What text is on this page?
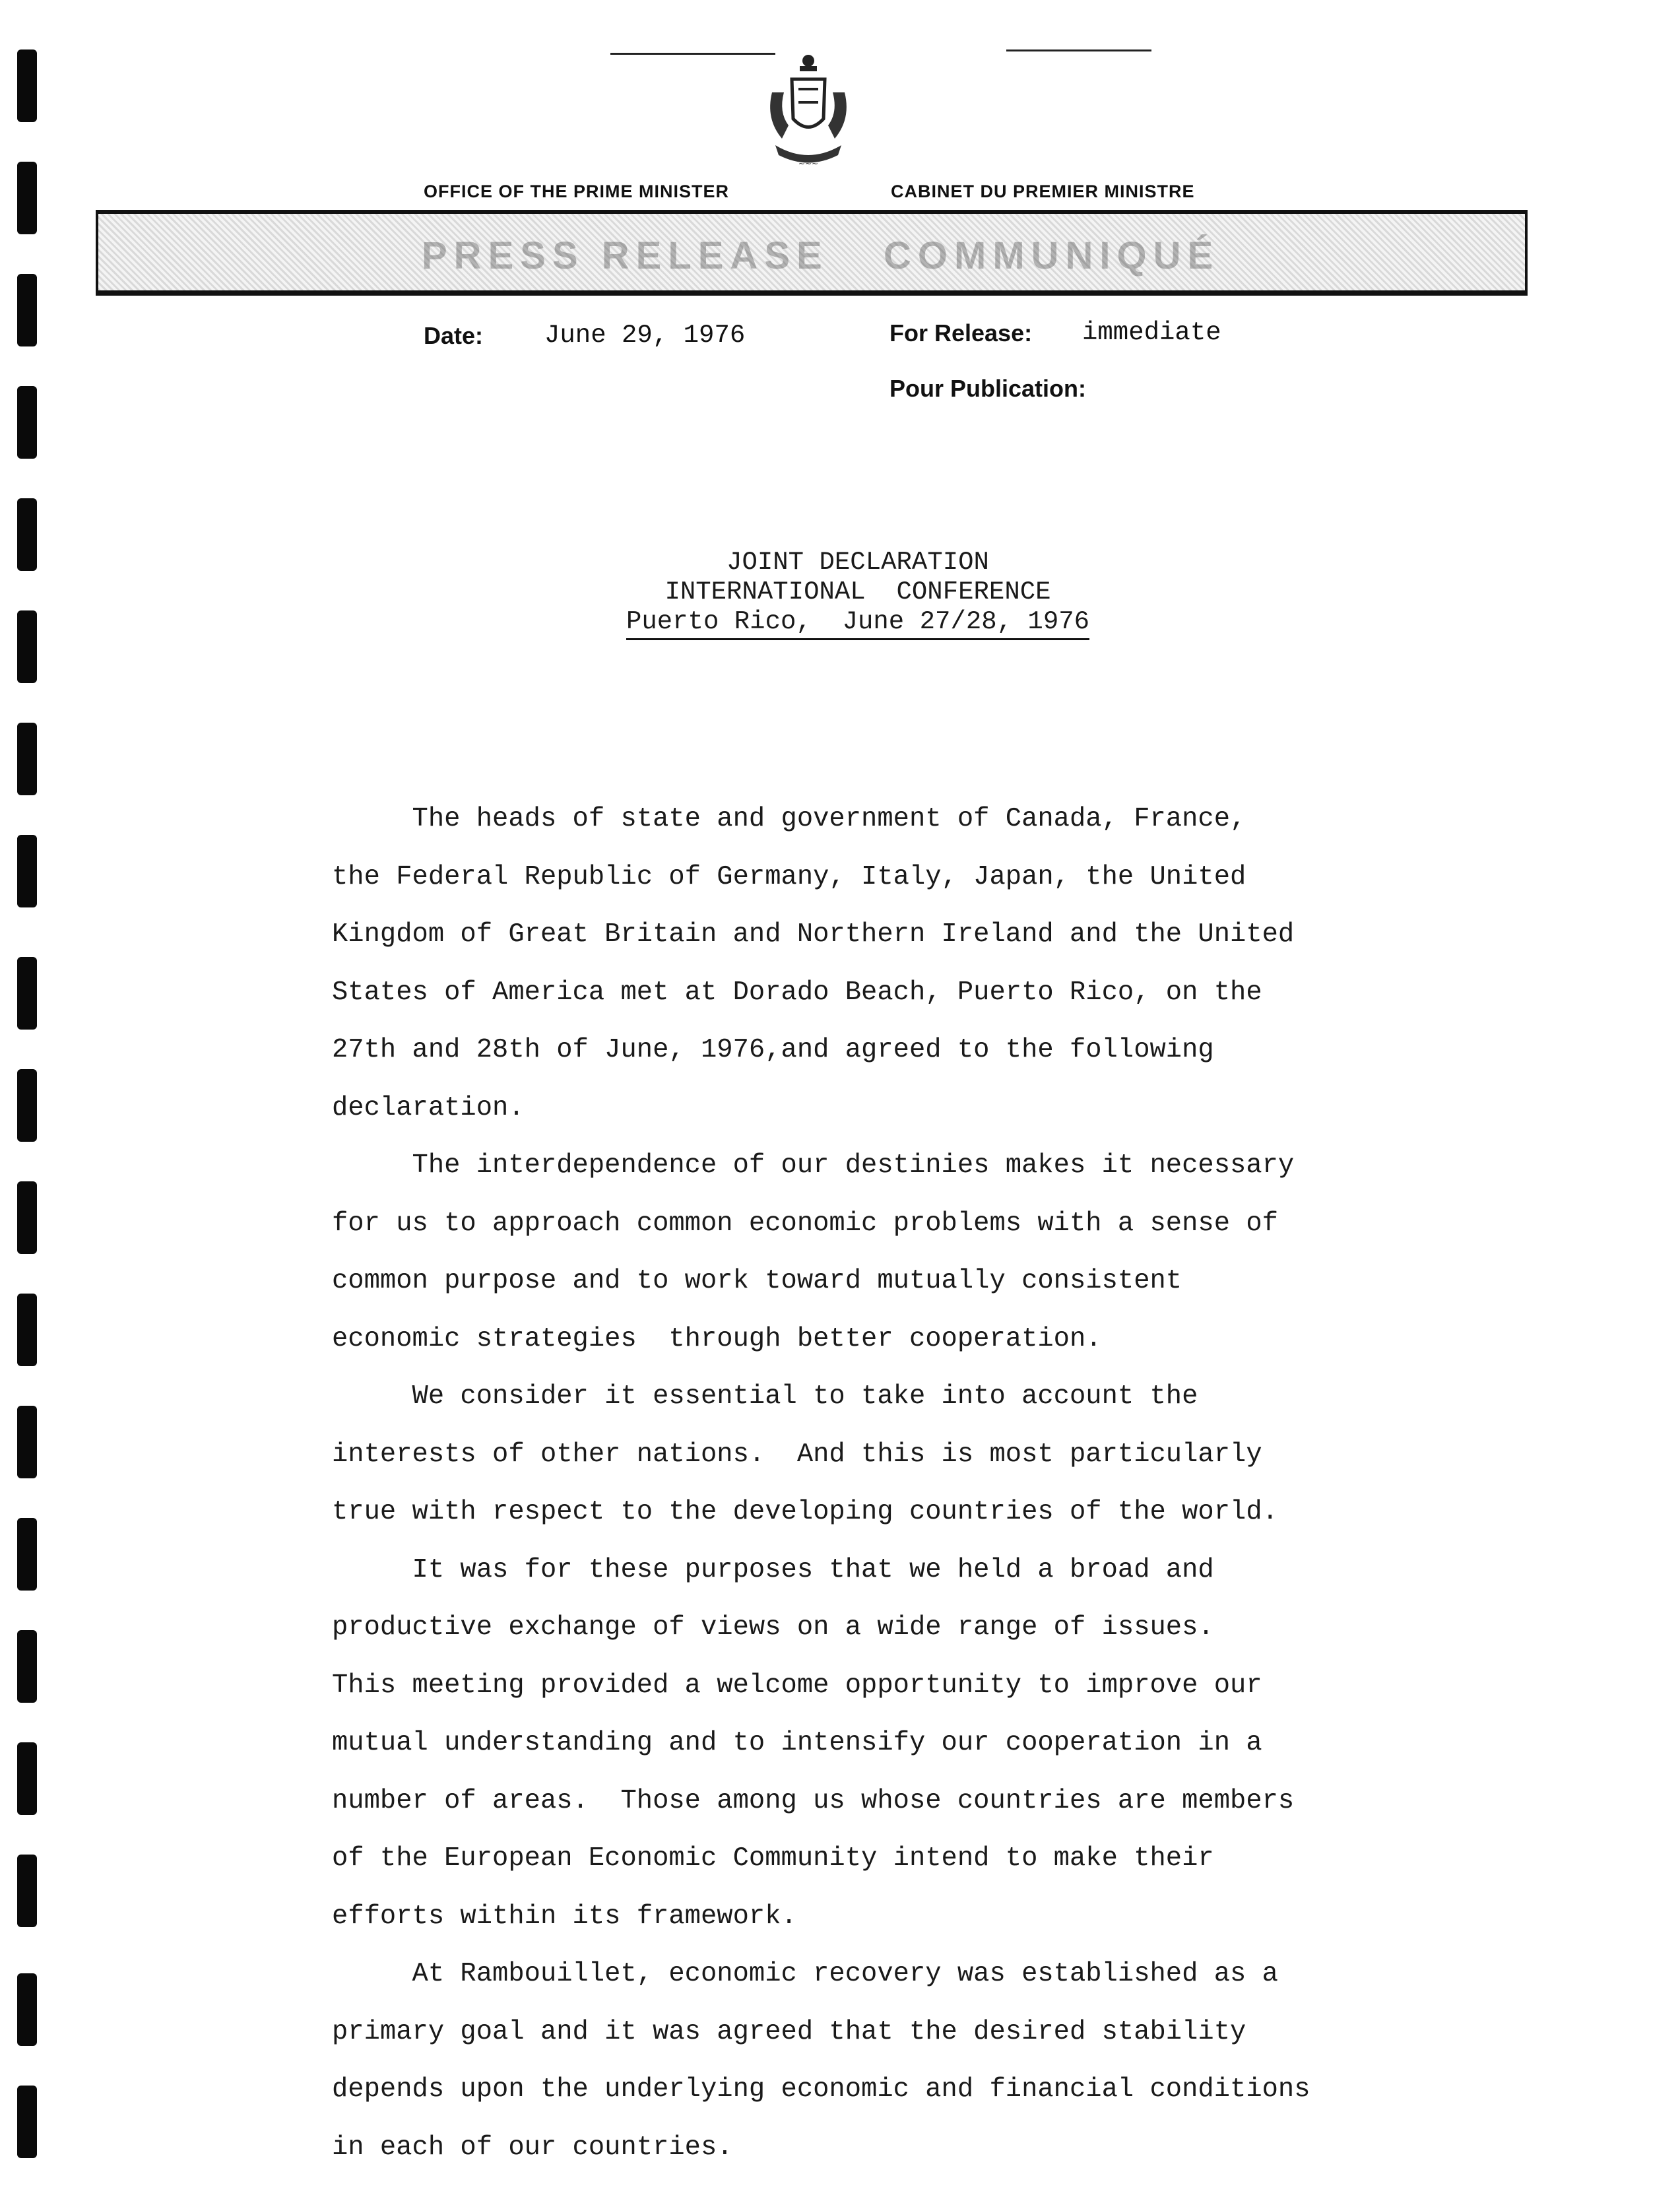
~~~
OFFICE OF THE PRIME MINISTER	CABINET DU PREMIER MINISTRE
PRESS RELEASE COMMUNIQUÉ
Date: June 29, 1976	For Release: immediate
Pour Publication:
JOINT DECLARATION
INTERNATIONAL  CONFERENCE
Puerto Rico,  June 27/28, 1976
The heads of state and government of Canada, France,
the Federal Republic of Germany, Italy, Japan, the United
Kingdom of Great Britain and Northern Ireland and the United
States of America met at Dorado Beach, Puerto Rico, on the
27th and 28th of June, 1976,and agreed to the following
declaration.
The interdependence of our destinies makes it necessary
for us to approach common economic problems with a sense of
common purpose and to work toward mutually consistent
economic strategies  through better cooperation.
We consider it essential to take into account the
interests of other nations.  And this is most particularly
true with respect to the developing countries of the world.
It was for these purposes that we held a broad and
productive exchange of views on a wide range of issues.
This meeting provided a welcome opportunity to improve our
mutual understanding and to intensify our cooperation in a
number of areas.  Those among us whose countries are members
of the European Economic Community intend to make their
efforts within its framework.
At Rambouillet, economic recovery was established as a
primary goal and it was agreed that the desired stability
depends upon the underlying economic and financial conditions
in each of our countries.
